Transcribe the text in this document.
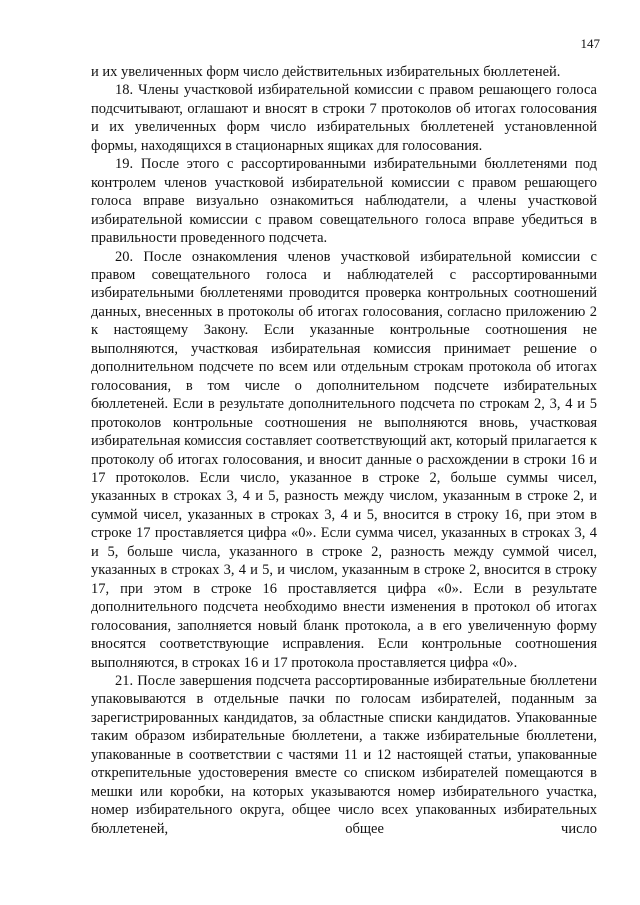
147

и их увеличенных форм число действительных избирательных бюллетеней.

18. Члены участковой избирательной комиссии с правом решающего голоса подсчитывают, оглашают и вносят в строки 7 протоколов об итогах голосования и их увеличенных форм число избирательных бюллетеней установленной формы, находящихся в стационарных ящиках для голосования.

19. После этого с рассортированными избирательными бюллетенями под контролем членов участковой избирательной комиссии с правом решающего голоса вправе визуально ознакомиться наблюдатели, а члены участковой избирательной комиссии с правом совещательного голоса вправе убедиться в правильности проведенного подсчета.

20. После ознакомления членов участковой избирательной комиссии с правом совещательного голоса и наблюдателей с рассортированными избирательными бюллетенями проводится проверка контрольных соотношений данных, внесенных в протоколы об итогах голосования, согласно приложению 2 к настоящему Закону. Если указанные контрольные соотношения не выполняются, участковая избирательная комиссия принимает решение о дополнительном подсчете по всем или отдельным строкам протокола об итогах голосования, в том числе о дополнительном подсчете избирательных бюллетеней. Если в результате дополнительного подсчета по строкам 2, 3, 4 и 5 протоколов контрольные соотношения не выполняются вновь, участковая избирательная комиссия составляет соответствующий акт, который прилагается к протоколу об итогах голосования, и вносит данные о расхождении в строки 16 и 17 протоколов. Если число, указанное в строке 2, больше суммы чисел, указанных в строках 3, 4 и 5, разность между числом, указанным в строке 2, и суммой чисел, указанных в строках 3, 4 и 5, вносится в строку 16, при этом в строке 17 проставляется цифра «0». Если сумма чисел, указанных в строках 3, 4 и 5, больше числа, указанного в строке 2, разность между суммой чисел, указанных в строках 3, 4 и 5, и числом, указанным в строке 2, вносится в строку 17, при этом в строке 16 проставляется цифра «0». Если в результате дополнительного подсчета необходимо внести изменения в протокол об итогах голосования, заполняется новый бланк протокола, а в его увеличенную форму вносятся соответствующие исправления. Если контрольные соотношения выполняются, в строках 16 и 17 протокола проставляется цифра «0».

21. После завершения подсчета рассортированные избирательные бюллетени упаковываются в отдельные пачки по голосам избирателей, поданным за зарегистрированных кандидатов, за областные списки кандидатов. Упакованные таким образом избирательные бюллетени, а также избирательные бюллетени, упакованные в соответствии с частями 11 и 12 настоящей статьи, упакованные открепительные удостоверения вместе со списком избирателей помещаются в мешки или коробки, на которых указываются номер избирательного участка, номер избирательного округа, общее число всех упакованных избирательных бюллетеней, общее число
